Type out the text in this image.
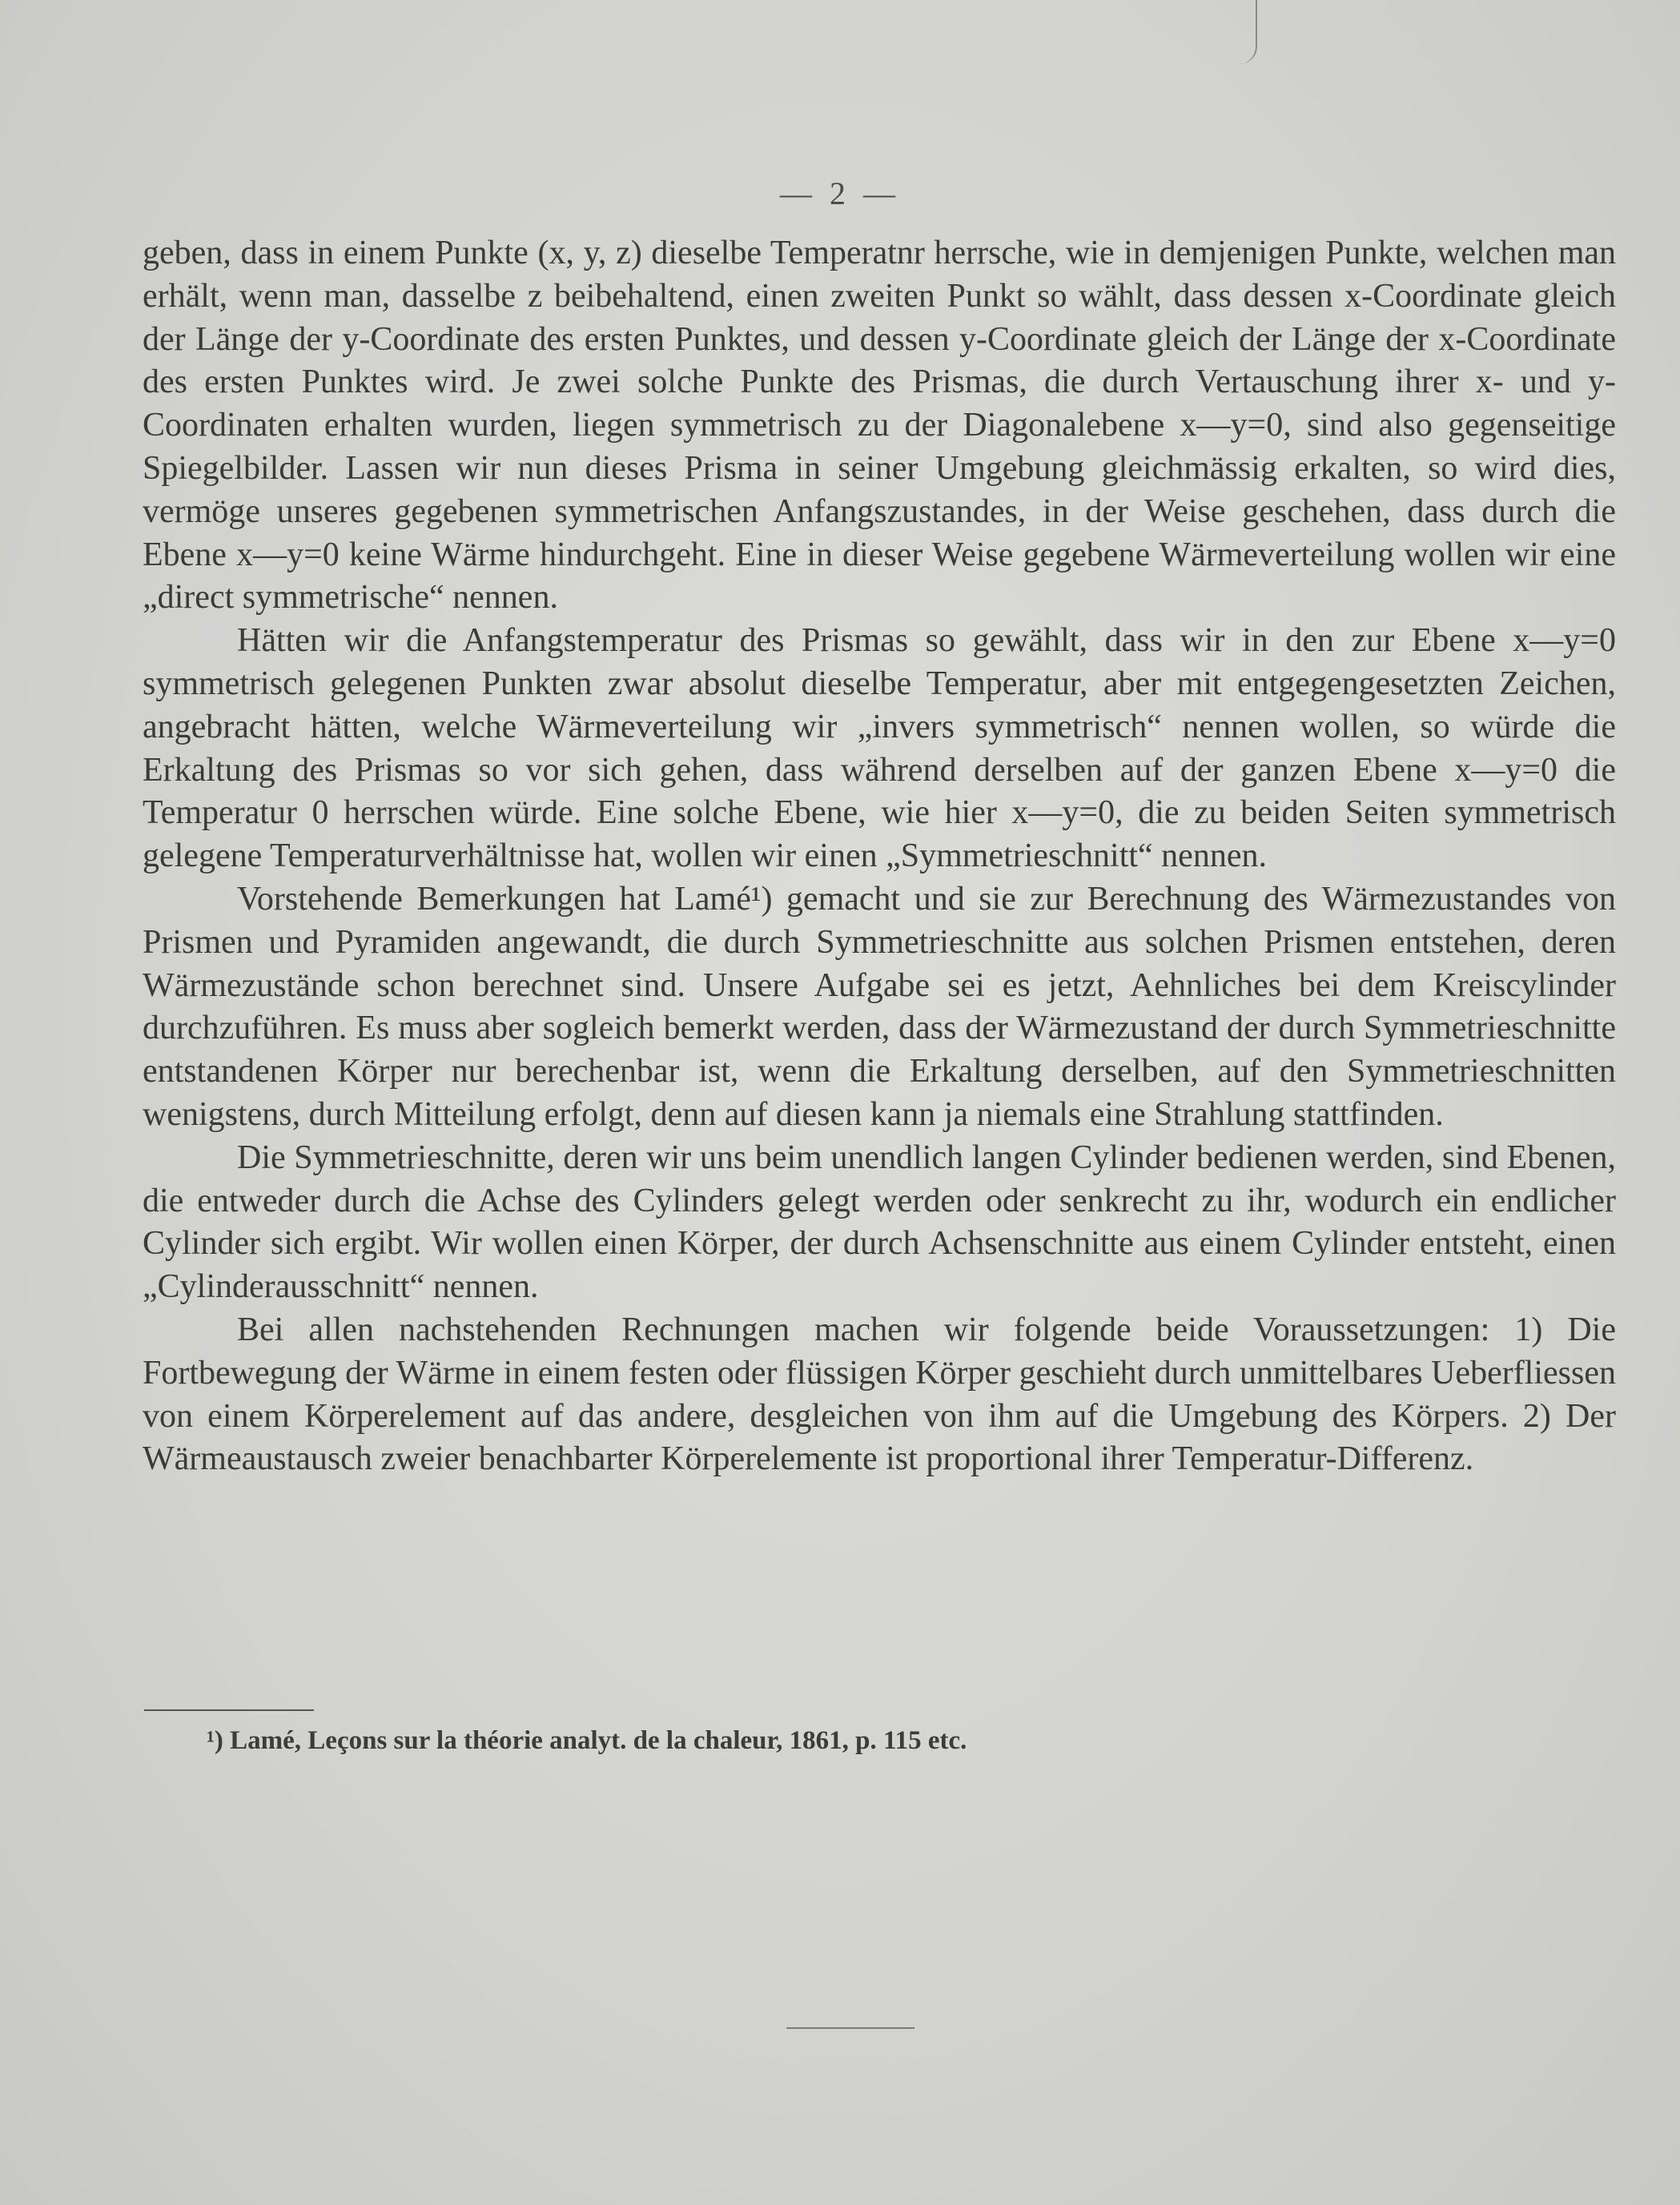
— 2 —

geben, dass in einem Punkte (x, y, z) dieselbe Temperatnr herrsche, wie in demjenigen Punkte, welchen man erhält, wenn man, dasselbe z beibehaltend, einen zweiten Punkt so wählt, dass dessen x-Coordinate gleich der Länge der y-Coordinate des ersten Punktes, und dessen y-Coordinate gleich der Länge der x-Coordinate des ersten Punktes wird. Je zwei solche Punkte des Prismas, die durch Vertauschung ihrer x- und y-Coordinaten erhalten wurden, liegen symmetrisch zu der Diagonalebene x—y=0, sind also gegenseitige Spiegelbilder. Lassen wir nun dieses Prisma in seiner Umgebung gleichmässig erkalten, so wird dies, vermöge unseres gegebenen symmetrischen Anfangszustandes, in der Weise geschehen, dass durch die Ebene x—y=0 keine Wärme hindurchgeht. Eine in dieser Weise gegebene Wärmeverteilung wollen wir eine „direct symmetrische“ nennen.

Hätten wir die Anfangstemperatur des Prismas so gewählt, dass wir in den zur Ebene x—y=0 symmetrisch gelegenen Punkten zwar absolut dieselbe Temperatur, aber mit entgegengesetzten Zeichen, angebracht hätten, welche Wärmeverteilung wir „invers symmetrisch“ nennen wollen, so würde die Erkaltung des Prismas so vor sich gehen, dass während derselben auf der ganzen Ebene x—y=0 die Temperatur 0 herrschen würde. Eine solche Ebene, wie hier x—y=0, die zu beiden Seiten symmetrisch gelegene Temperaturverhältnisse hat, wollen wir einen „Symmetrieschnitt“ nennen.

Vorstehende Bemerkungen hat Lamé¹) gemacht und sie zur Berechnung des Wärmezustandes von Prismen und Pyramiden angewandt, die durch Symmetrieschnitte aus solchen Prismen entstehen, deren Wärmezustände schon berechnet sind. Unsere Aufgabe sei es jetzt, Aehnliches bei dem Kreiscylinder durchzuführen. Es muss aber sogleich bemerkt werden, dass der Wärmezustand der durch Symmetrieschnitte entstandenen Körper nur berechenbar ist, wenn die Erkaltung derselben, auf den Symmetrieschnitten wenigstens, durch Mitteilung erfolgt, denn auf diesen kann ja niemals eine Strahlung stattfinden.

Die Symmetrieschnitte, deren wir uns beim unendlich langen Cylinder bedienen werden, sind Ebenen, die entweder durch die Achse des Cylinders gelegt werden oder senkrecht zu ihr, wodurch ein endlicher Cylinder sich ergibt. Wir wollen einen Körper, der durch Achsenschnitte aus einem Cylinder entsteht, einen „Cylinderausschnitt“ nennen.

Bei allen nachstehenden Rechnungen machen wir folgende beide Voraussetzungen: 1) Die Fortbewegung der Wärme in einem festen oder flüssigen Körper geschieht durch unmittelbares Ueberfliessen von einem Körperelement auf das andere, desgleichen von ihm auf die Umgebung des Körpers. 2) Der Wärmeaustausch zweier benachbarter Körperelemente ist proportional ihrer Temperatur-Differenz.

¹) Lamé, Leçons sur la théorie analyt. de la chaleur, 1861, p. 115 etc.
